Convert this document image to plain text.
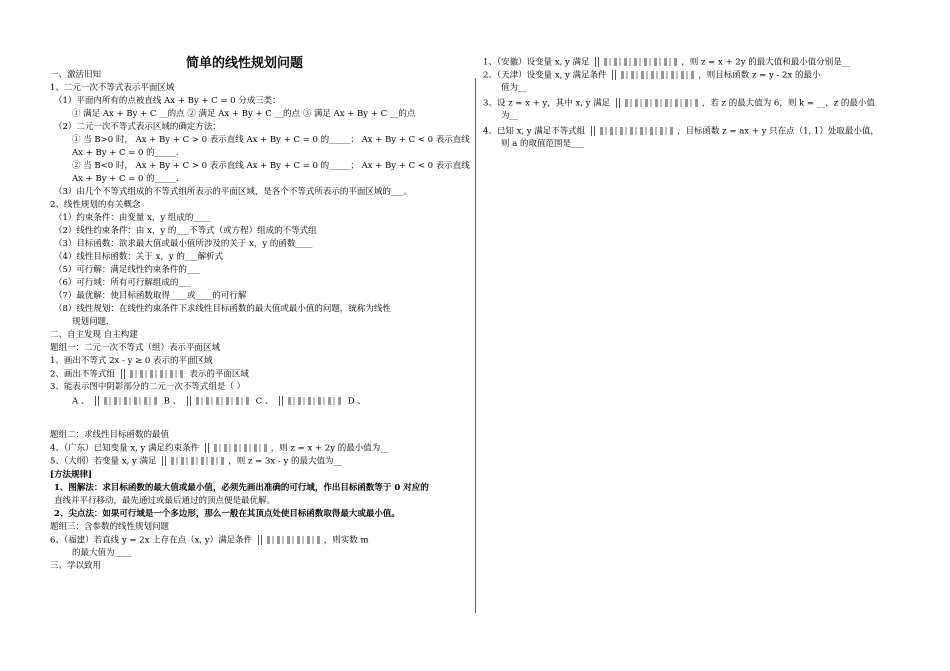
简单的线性规划问题
一、激活旧知
1、二元一次不等式表示平面区域
（1）平面内所有的点被直线 Ax + By + C = 0 分成三类：
① 满足 Ax + By + C __的点 ② 满足 Ax + By + C __的点 ③ 满足 Ax + By + C __的点
（2）二元一次不等式表示区域的确定方法：
① 当 B>0 时， Ax + By + C > 0 表示直线 Ax + By + C = 0 的_____； Ax + By + C < 0 表示直线
Ax + By + C = 0 的_____.
② 当 B<0 时， Ax + By + C > 0 表示直线 Ax + By + C = 0 的_____； Ax + By + C < 0 表示直线
Ax + By + C = 0 的_____.
（3）由几个不等式组成的不等式组所表示的平面区域，是各个不等式所表示的平面区域的___。
2、线性规划的有关概念
（1）约束条件：由变量 x，y 组成的____
（2）线性约束条件：由 x，y 的___不等式（或方程）组成的不等式组
（3）目标函数：欲求最大值或最小值所涉及的关于 x，y 的函数____
（4）线性目标函数：关于 x，y 的___解析式
（5）可行解：满足线性约束条件的___
（6）可行域：所有可行解组成的___
（7）最优解：使目标函数取得____或____的可行解
（8）线性规划：在线性约束条件下求线性目标函数的最大值或最小值的问题，统称为线性
规划问题.
二、自主发现 自主构建
题组一：二元一次不等式（组）表示平面区域
1、画出不等式 2x - y ≥ 0 表示的平面区域
2、画出不等式组	表示的平面区域
3、能表示图中阴影部分的二元一次不等式组是（ ）
A 、	B 、	C 、	D 、
题组二：求线性目标函数的最值
4、（广东）已知变量 x, y 满足约束条件	，则 z = x + 2y 的最小值为__
5、（大纲）若变量 x, y 满足	，则 z = 3x - y 的最大值为__
[方法规律]
1、图解法：求目标函数的最大值或最小值，必须先画出准确的可行域，作出目标函数等于 0 对应的
直线并平行移动，最先通过或最后通过的顶点便是最优解。
2、尖点法：如果可行域是一个多边形，那么一般在其顶点处使目标函数取得最大或最小值。
题组三：含参数的线性规划问题
6、（福建）若直线 y = 2x 上存在点（x, y）满足条件	，则实数 m
的最大值为____
三、学以致用
1、（安徽）设变量 x, y 满足	，则 z = x + 2y 的最大值和最小值分别是__
2、（天津）设变量 x, y 满足条件	，则目标函数 z = y - 2x 的最小
值为__
3、设 z = x + y，其中 x, y 满足	，若 z 的最大值为 6，则 k = __，z 的最小值
为__
4、已知 x, y 满足不等式组	，目标函数 z = ax + y 只在点（1, 1）处取最小值，
则 a 的取值范围是___
